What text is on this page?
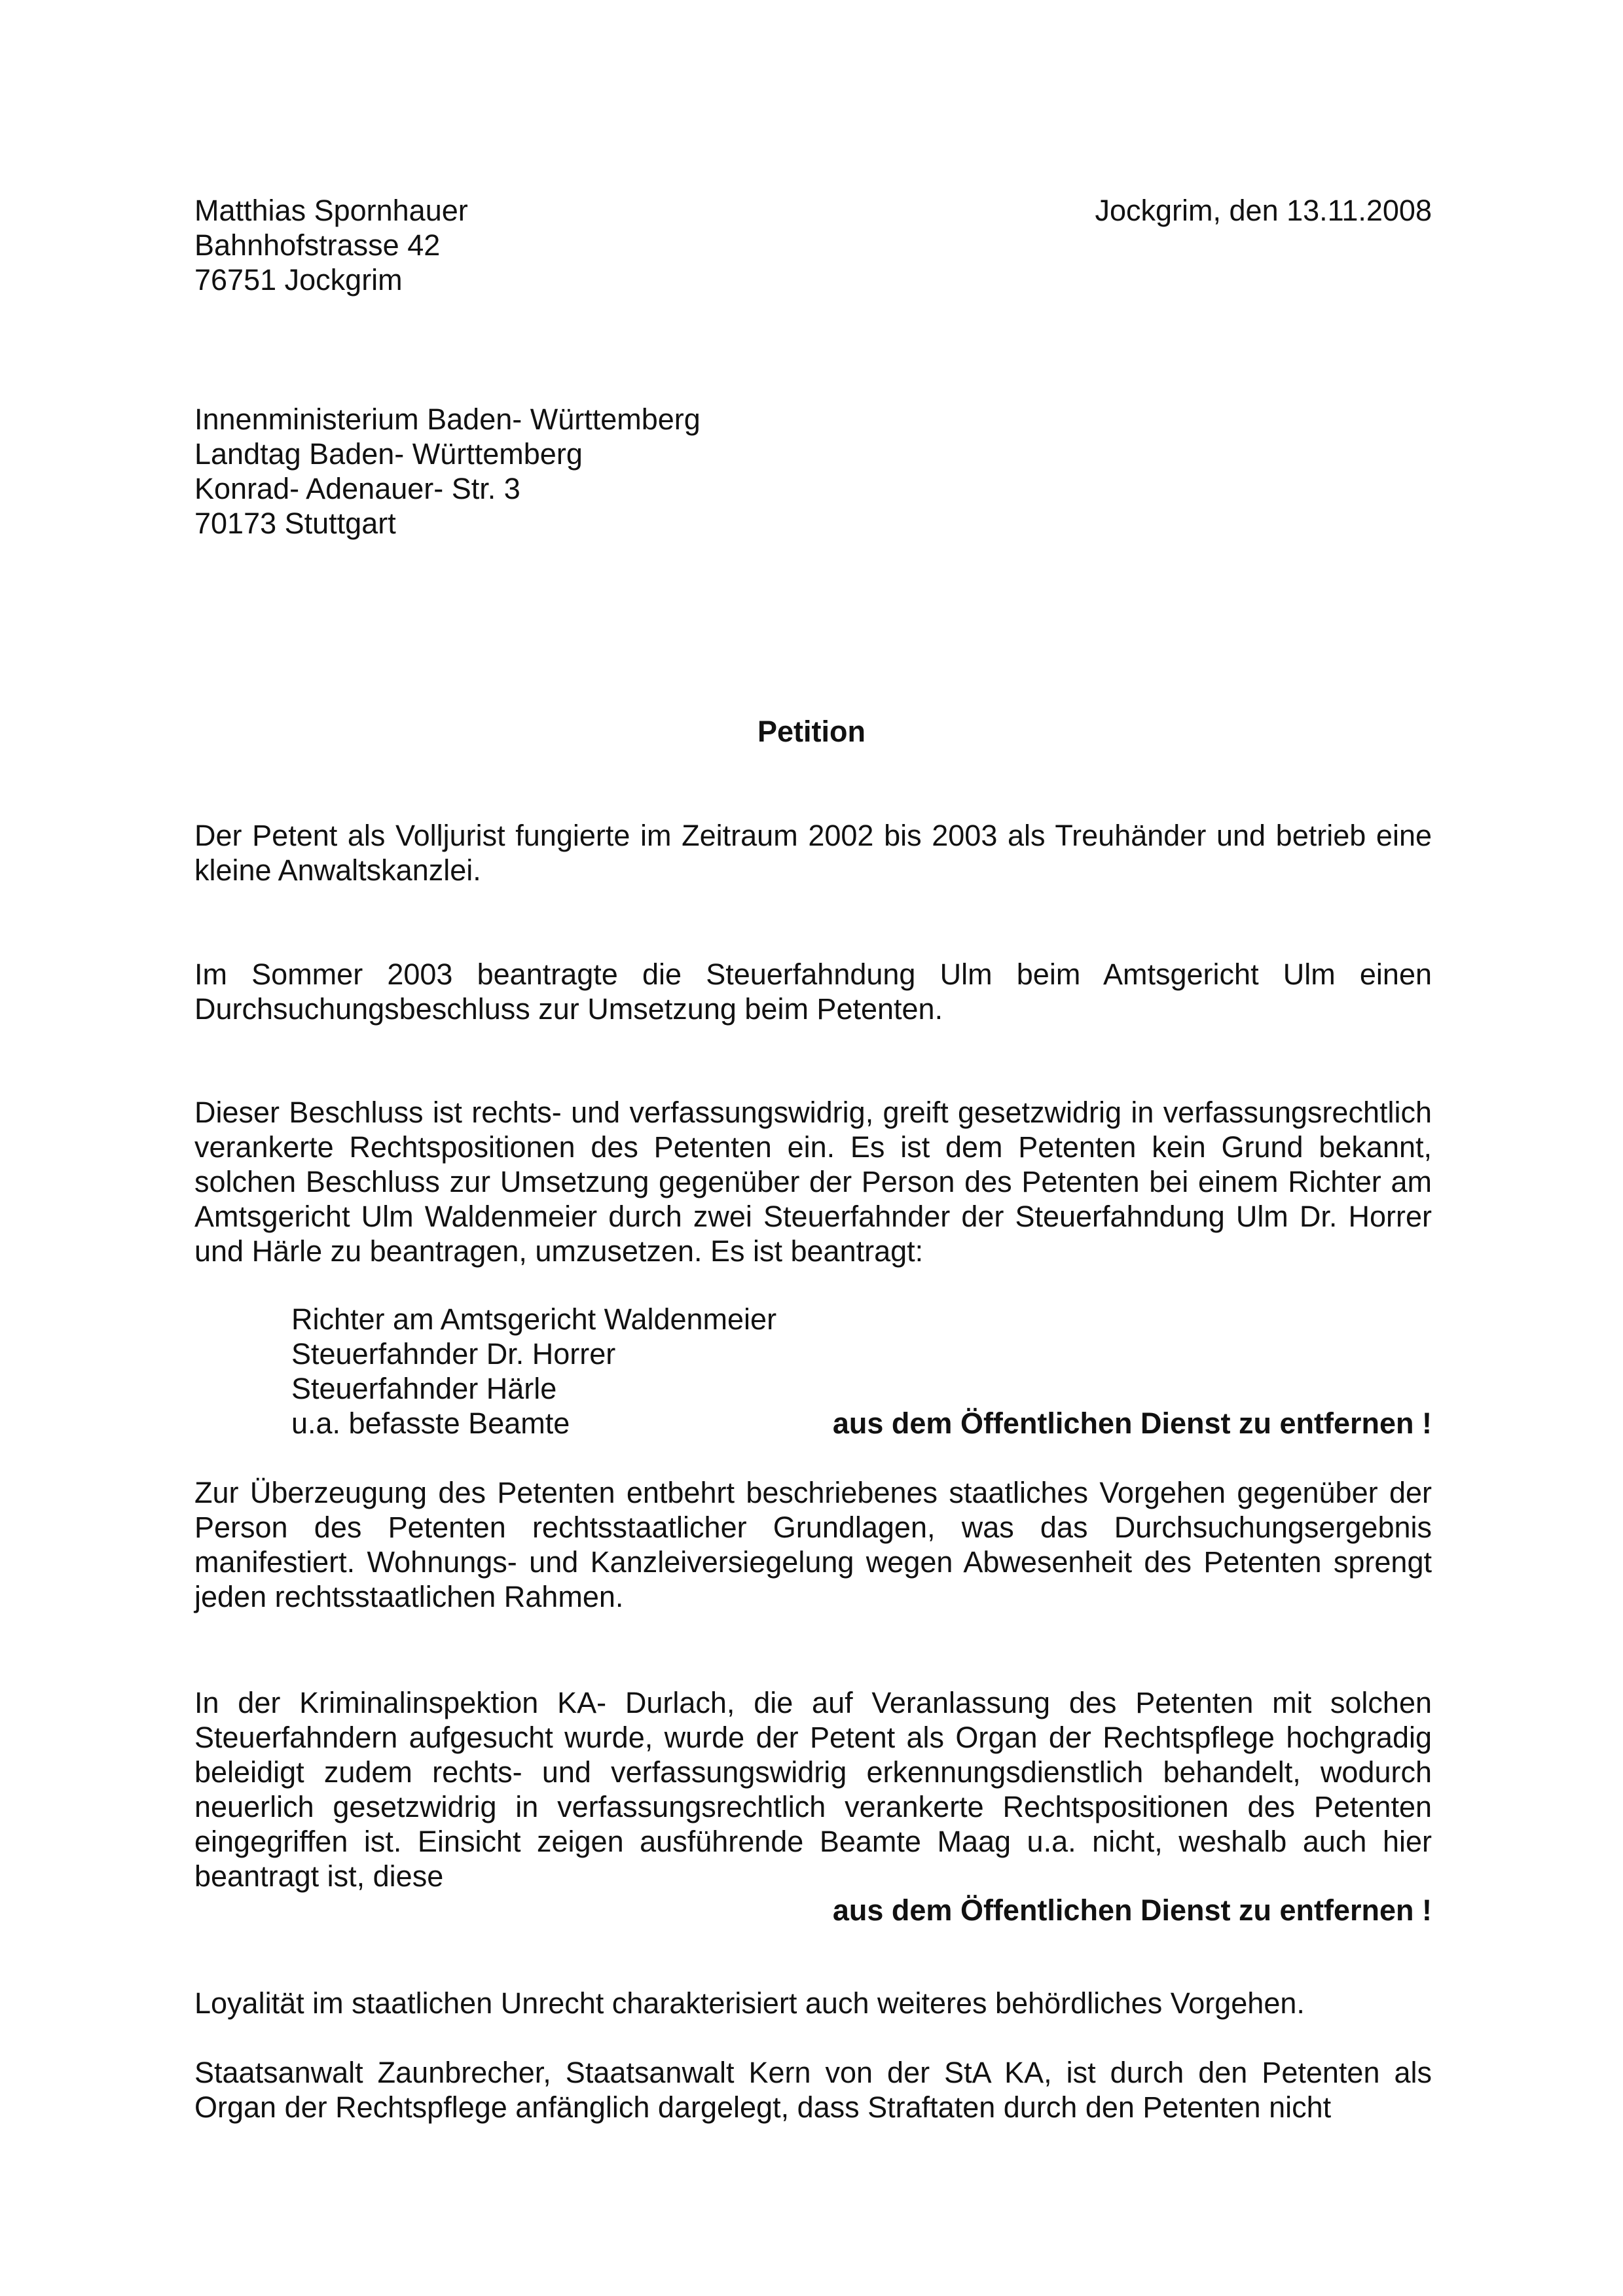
Matthias Spornhauer
Bahnhofstrasse 42
76751 Jockgrim
Jockgrim, den 13.11.2008
Innenministerium Baden- Württemberg
Landtag Baden- Württemberg
Konrad- Adenauer- Str. 3
70173 Stuttgart
Petition

Der Petent als Volljurist fungierte im Zeitraum 2002 bis 2003 als Treuhänder und betrieb eine kleine Anwaltskanzlei.

Im Sommer 2003 beantragte die Steuerfahndung Ulm beim Amtsgericht Ulm einen Durchsuchungsbeschluss zur Umsetzung beim Petenten.

Dieser Beschluss ist rechts- und verfassungswidrig, greift gesetzwidrig in verfassungsrechtlich verankerte Rechtspositionen des Petenten ein. Es ist dem Petenten kein Grund bekannt, solchen Beschluss zur Umsetzung gegenüber der Person des Petenten bei einem Richter am Amtsgericht Ulm Waldenmeier durch zwei Steuerfahnder der Steuerfahndung Ulm Dr. Horrer und Härle zu beantragen, umzusetzen. Es ist beantragt:

Richter am Amtsgericht Waldenmeier
Steuerfahnder Dr. Horrer
Steuerfahnder Härle
u.a. befasste Beamte	aus dem Öffentlichen Dienst zu entfernen !

Zur Überzeugung des Petenten entbehrt beschriebenes staatliches Vorgehen gegenüber der Person des Petenten rechtsstaatlicher Grundlagen, was das Durchsuchungsergebnis manifestiert. Wohnungs- und Kanzleiversiegelung wegen Abwesenheit des Petenten sprengt jeden rechtsstaatlichen Rahmen.

In der Kriminalinspektion KA- Durlach, die auf Veranlassung des Petenten mit solchen Steuerfahndern aufgesucht wurde, wurde der Petent als Organ der Rechtspflege hochgradig beleidigt zudem rechts- und verfassungswidrig erkennungsdienstlich behandelt, wodurch neuerlich gesetzwidrig in verfassungsrechtlich verankerte Rechtspositionen des Petenten eingegriffen ist. Einsicht zeigen ausführende Beamte Maag u.a. nicht, weshalb auch hier beantragt ist, diese

aus dem Öffentlichen Dienst zu entfernen !

Loyalität im staatlichen Unrecht charakterisiert auch weiteres behördliches Vorgehen.

Staatsanwalt Zaunbrecher, Staatsanwalt Kern von der StA KA, ist durch den Petenten als Organ der Rechtspflege anfänglich dargelegt, dass Straftaten durch den Petenten nicht
